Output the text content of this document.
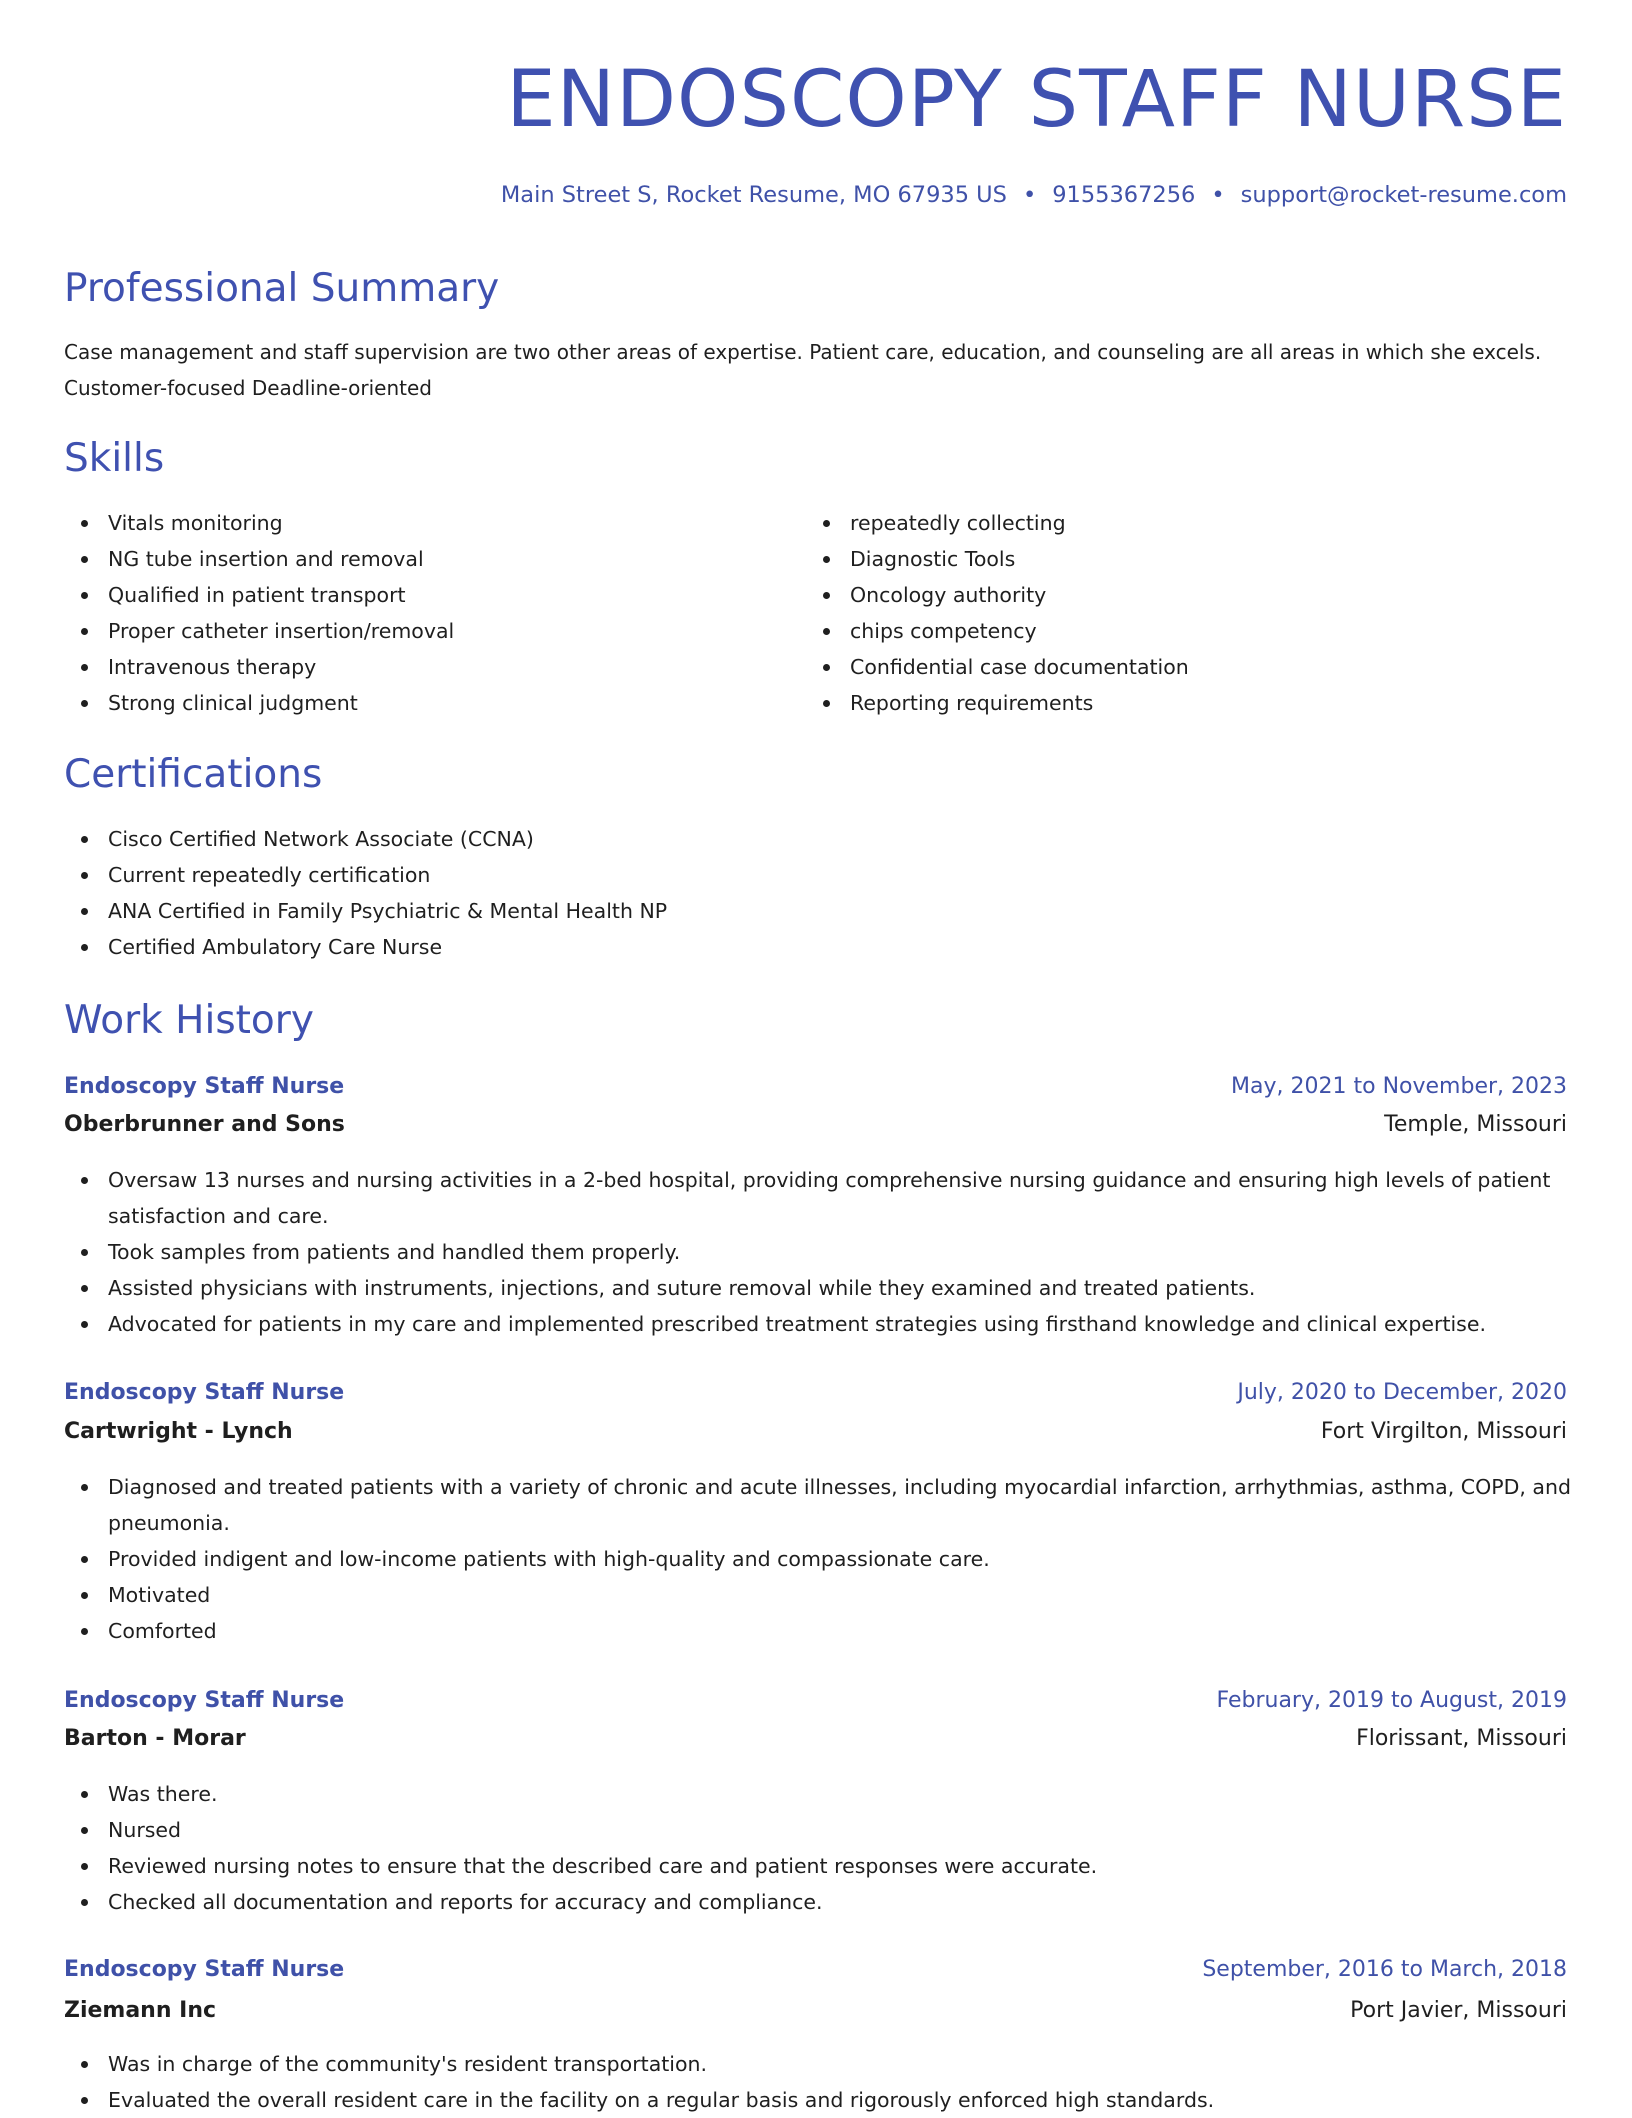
ENDOSCOPY STAFF NURSE
Main Street S, Rocket Resume, MO 67935 US • 9155367256 • support@rocket-resume.com
Professional Summary

Case management and staff supervision are two other areas of expertise. Patient care, education, and counseling are all areas in which she excels. Customer-focused Deadline-oriented

Skills
Vitals monitoring
NG tube insertion and removal
Qualified in patient transport
Proper catheter insertion/removal
Intravenous therapy
Strong clinical judgment
repeatedly collecting
Diagnostic Tools
Oncology authority
chips competency
Confidential case documentation
Reporting requirements
Certifications
Cisco Certified Network Associate (CCNA)
Current repeatedly certification
ANA Certified in Family Psychiatric & Mental Health NP
Certified Ambulatory Care Nurse
Work History
Endoscopy Staff Nurse	May, 2021 to November, 2023
Oberbrunner and Sons	Temple, Missouri
Oversaw 13 nurses and nursing activities in a 2-bed hospital, providing comprehensive nursing guidance and ensuring high levels of patient satisfaction and care.
Took samples from patients and handled them properly.
Assisted physicians with instruments, injections, and suture removal while they examined and treated patients.
Advocated for patients in my care and implemented prescribed treatment strategies using firsthand knowledge and clinical expertise.
Endoscopy Staff Nurse	July, 2020 to December, 2020
Cartwright - Lynch	Fort Virgilton, Missouri
Diagnosed and treated patients with a variety of chronic and acute illnesses, including myocardial infarction, arrhythmias, asthma, COPD, and pneumonia.
Provided indigent and low-income patients with high-quality and compassionate care.
Motivated
Comforted
Endoscopy Staff Nurse	February, 2019 to August, 2019
Barton - Morar	Florissant, Missouri
Was there.
Nursed
Reviewed nursing notes to ensure that the described care and patient responses were accurate.
Checked all documentation and reports for accuracy and compliance.
Endoscopy Staff Nurse	September, 2016 to March, 2018
Ziemann Inc	Port Javier, Missouri
Was in charge of the community's resident transportation.
Evaluated the overall resident care in the facility on a regular basis and rigorously enforced high standards.
